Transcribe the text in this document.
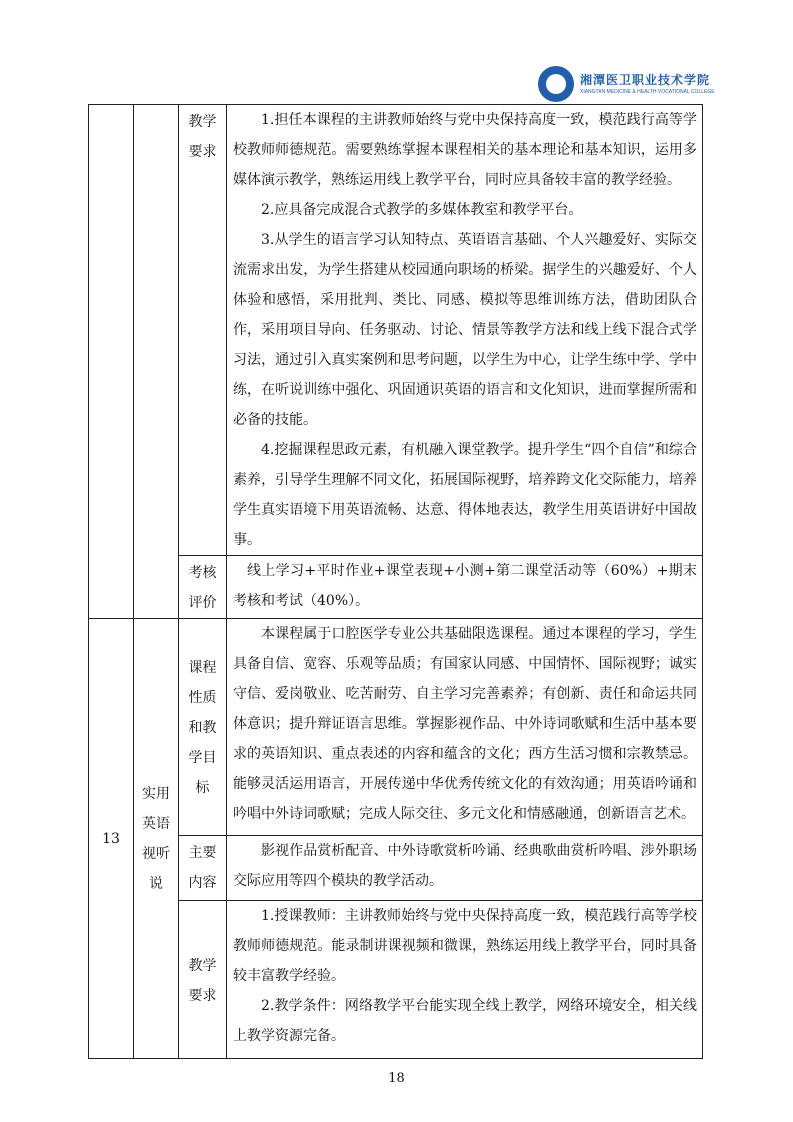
湘潭医卫职业技术学院
XIANGTAN MEDICINE & HEALTH VOCATIONAL COLLEGE

		教学要求	1.担任本课程的主讲教师始终与党中央保持高度一致，模范践行高等学校教师师德规范。需要熟练掌握本课程相关的基本理论和基本知识，运用多媒体演示教学，熟练运用线上教学平台，同时应具备较丰富的教学经验。

2.应具备完成混合式教学的多媒体教室和教学平台。

3.从学生的语言学习认知特点、英语语言基础、个人兴趣爱好、实际交流需求出发，为学生搭建从校园通向职场的桥梁。据学生的兴趣爱好、个人体验和感悟，采用批判、类比、同感、模拟等思维训练方法，借助团队合作，采用项目导向、任务驱动、讨论、情景等教学方法和线上线下混合式学习法，通过引入真实案例和思考问题，以学生为中心，让学生练中学、学中练，在听说训练中强化、巩固通识英语的语言和文化知识，进而掌握所需和必备的技能。

4.挖掘课程思政元素，有机融入课堂教学。提升学生“四个自信”和综合素养，引导学生理解不同文化，拓展国际视野，培养跨文化交际能力，培养学生真实语境下用英语流畅、达意、得体地表达，教学生用英语讲好中国故事。

		考核评价	线上学习+平时作业+课堂表现+小测+第二课堂活动等（60%）+期末考核和考试（40%）。

13	实用英语视听说	课程性质和教学目标	本课程属于口腔医学专业公共基础限选课程。通过本课程的学习，学生具备自信、宽容、乐观等品质；有国家认同感、中国情怀、国际视野；诚实守信、爱岗敬业、吃苦耐劳、自主学习完善素养；有创新、责任和命运共同体意识；提升辩证语言思维。掌握影视作品、中外诗词歌赋和生活中基本要求的英语知识、重点表述的内容和蕴含的文化；西方生活习惯和宗教禁忌。能够灵活运用语言，开展传递中华优秀传统文化的有效沟通；用英语吟诵和吟唱中外诗词歌赋；完成人际交往、多元文化和情感融通，创新语言艺术。

		主要内容	影视作品赏析配音、中外诗歌赏析吟诵、经典歌曲赏析吟唱、涉外职场交际应用等四个模块的教学活动。

		教学要求	1.授课教师：主讲教师始终与党中央保持高度一致，模范践行高等学校教师师德规范。能录制讲课视频和微课，熟练运用线上教学平台，同时具备较丰富教学经验。

2.教学条件：网络教学平台能实现全线上教学，网络环境安全，相关线上教学资源完备。

18
